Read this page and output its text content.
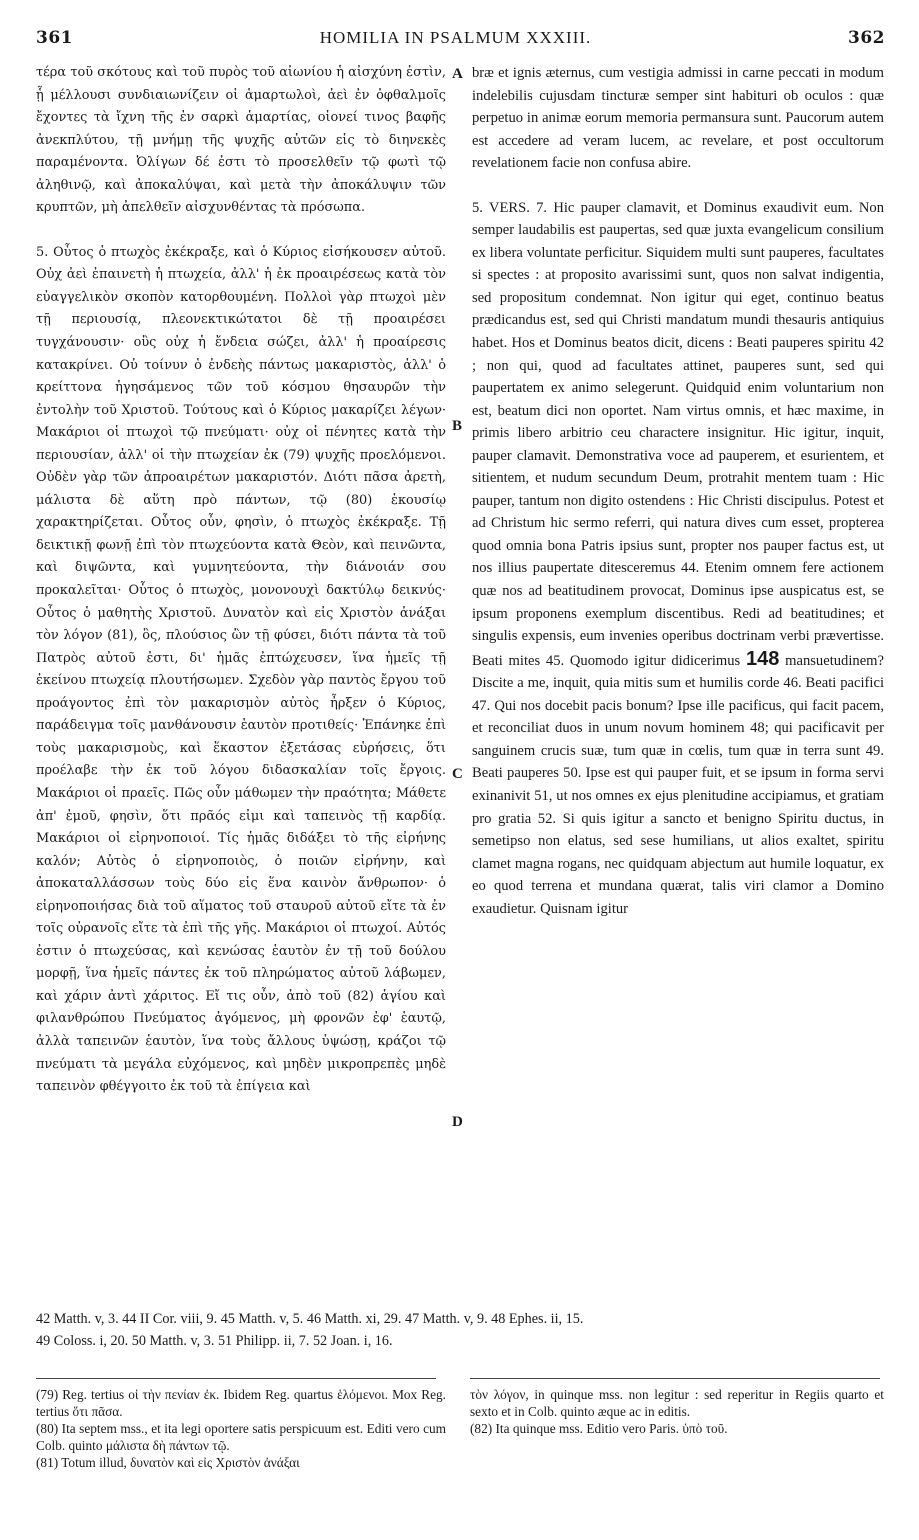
361	HOMILIA IN PSALMUM XXXIII.	362

τέρα τοῦ σκότους καὶ τοῦ πυρὸς τοῦ αἰωνίου ἡ αἰσχύνη ἐστὶν, ᾗ μέλλουσι συνδιαιωνίζειν οἱ ἁμαρτωλοὶ, ἀεὶ ἐν ὀφθαλμοῖς ἔχοντες τὰ ἴχνη τῆς ἐν σαρκὶ ἁμαρτίας, οἱονεί τινος βαφῆς ἀνεκπλύτου, τῇ μνήμῃ τῆς ψυχῆς αὐτῶν εἰς τὸ διηνεκὲς παραμένοντα. Ὀλίγων δέ ἐστι τὸ προσελθεῖν τῷ φωτὶ τῷ ἀληθινῷ, καὶ ἀποκαλύψαι, καὶ μετὰ τὴν ἀποκάλυψιν τῶν κρυπτῶν, μὴ ἀπελθεῖν αἰσχυνθέντας τὰ πρόσωπα.

5. Οὗτος ὁ πτωχὸς ἐκέκραξε, καὶ ὁ Κύριος εἰσήκουσεν αὐτοῦ. Οὐχ ἀεὶ ἐπαινετὴ ἡ πτωχεία, ἀλλ' ἡ ἐκ προαιρέσεως κατὰ τὸν εὐαγγελικὸν σκοπὸν κατορθουμένη. Πολλοὶ γὰρ πτωχοὶ μὲν τῇ περιουσίᾳ, πλεονεκτικώτατοι δὲ τῇ προαιρέσει τυγχάνουσιν· οὓς οὐχ ἡ ἔνδεια σώζει, ἀλλ' ἡ προαίρεσις κατακρίνει. Οὐ τοίνυν ὁ ἐνδεὴς πάντως μακαριστὸς, ἀλλ' ὁ κρείττονα ἡγησάμενος τῶν τοῦ κόσμου θησαυρῶν τὴν ἐντολὴν τοῦ Χριστοῦ. Τούτους καὶ ὁ Κύριος μακαρίζει λέγων· Μακάριοι οἱ πτωχοὶ τῷ πνεύματι· οὐχ οἱ πένητες κατὰ τὴν περιουσίαν, ἀλλ' οἱ τὴν πτωχείαν ἐκ (79) ψυχῆς προελόμενοι. Οὐδὲν γὰρ τῶν ἀπροαιρέτων μακαριστόν. Διότι πᾶσα ἀρετὴ, μάλιστα δὲ αὕτη πρὸ πάντων, τῷ (80) ἑκουσίῳ χαρακτηρίζεται. Οὗτος οὖν, φησὶν, ὁ πτωχὸς ἐκέκραξε. Τῇ δεικτικῇ φωνῇ ἐπὶ τὸν πτωχεύοντα κατὰ Θεὸν, καὶ πεινῶντα, καὶ διψῶντα, καὶ γυμνητεύοντα, τὴν διάνοιάν σου προκαλεῖται· Οὗτος ὁ πτωχὸς, μονονουχὶ δακτύλῳ δεικνύς· Οὗτος ὁ μαθητὴς Χριστοῦ. Δυνατὸν καὶ εἰς Χριστὸν ἀνάξαι τὸν λόγον (81), ὃς, πλούσιος ὢν τῇ φύσει, διότι πάντα τὰ τοῦ Πατρὸς αὐτοῦ ἐστι, δι' ἡμᾶς ἐπτώχευσεν, ἵνα ἡμεῖς τῇ ἐκείνου πτωχείᾳ πλουτήσωμεν. Σχεδὸν γὰρ παντὸς ἔργου τοῦ προάγοντος ἐπὶ τὸν μακαρισμὸν αὐτὸς ἦρξεν ὁ Κύριος, παράδειγμα τοῖς μανθάνουσιν ἑαυτὸν προτιθείς· Ἐπάνηκε ἐπὶ τοὺς μακαρισμοὺς, καὶ ἕκαστον ἐξετάσας εὑρήσεις, ὅτι προέλαβε τὴν ἐκ τοῦ λόγου διδασκαλίαν τοῖς ἔργοις. Μακάριοι οἱ πραεῖς. Πῶς οὖν μάθωμεν τὴν πραότητα; Μάθετε ἀπ' ἐμοῦ, φησὶν, ὅτι πρᾶός εἰμι καὶ ταπεινὸς τῇ καρδίᾳ. Μακάριοι οἱ εἰρηνοποιοί. Τίς ἡμᾶς διδάξει τὸ τῆς εἰρήνης καλόν; Αὐτὸς ὁ εἰρηνοποιὸς, ὁ ποιῶν εἰρήνην, καὶ ἀποκαταλλάσσων τοὺς δύο εἰς ἕνα καινὸν ἄνθρωπον· ὁ εἰρηνοποιήσας διὰ τοῦ αἵματος τοῦ σταυροῦ αὐτοῦ εἴτε τὰ ἐν τοῖς οὐρανοῖς εἴτε τὰ ἐπὶ τῆς γῆς. Μακάριοι οἱ πτωχοί. Αὐτός ἐστιν ὁ πτωχεύσας, καὶ κενώσας ἑαυτὸν ἐν τῇ τοῦ δούλου μορφῇ, ἵνα ἡμεῖς πάντες ἐκ τοῦ πληρώματος αὐτοῦ λάβωμεν, καὶ χάριν ἀντὶ χάριτος. Εἴ τις οὖν, ἀπὸ τοῦ (82) ἁγίου καὶ φιλανθρώπου Πνεύματος ἀγόμενος, μὴ φρονῶν ἐφ' ἑαυτῷ, ἀλλὰ ταπεινῶν ἑαυτὸν, ἵνα τοὺς ἄλλους ὑψώσῃ, κράζοι τῷ πνεύματι τὰ μεγάλα εὐχόμενος, καὶ μηδὲν μικροπρεπὲς μηδὲ ταπεινὸν φθέγγοιτο ἐκ τοῦ τὰ ἐπίγεια καὶ

A
B
C
D

bræ et ignis æternus, cum vestigia admissi in carne peccati in modum indelebilis cujusdam tincturæ semper sint habituri ob oculos : quæ perpetuo in animæ eorum memoria permansura sunt. Paucorum autem est accedere ad veram lucem, ac revelare, et post occultorum revelationem facie non confusa abire.

5. VERS. 7. Hic pauper clamavit, et Dominus exaudivit eum. Non semper laudabilis est paupertas, sed quæ juxta evangelicum consilium ex libera voluntate perficitur. Siquidem multi sunt pauperes, facultates si spectes : at proposito avarissimi sunt, quos non salvat indigentia, sed propositum condemnat. Non igitur qui eget, continuo beatus prædicandus est, sed qui Christi mandatum mundi thesauris antiquius habet. Hos et Dominus beatos dicit, dicens : Beati pauperes spiritu 42 ; non qui, quod ad facultates attinet, pauperes sunt, sed qui paupertatem ex animo selegerunt. Quidquid enim voluntarium non est, beatum dici non oportet. Nam virtus omnis, et hæc maxime, in primis libero arbitrio ceu charactere insignitur. Hic igitur, inquit, pauper clamavit. Demonstrativa voce ad pauperem, et esurientem, et sitientem, et nudum secundum Deum, protrahit mentem tuam : Hic pauper, tantum non digito ostendens : Hic Christi discipulus. Potest et ad Christum hic sermo referri, qui natura dives cum esset, propterea quod omnia bona Patris ipsius sunt, propter nos pauper factus est, ut nos illius paupertate ditesceremus 44. Etenim omnem fere actionem quæ nos ad beatitudinem provocat, Dominus ipse auspicatus est, se ipsum proponens exemplum discentibus. Redi ad beatitudines; et singulis expensis, eum invenies operibus doctrinam verbi prævertisse. Beati mites 45. Quomodo igitur didicerimus 148 mansuetudinem? Discite a me, inquit, quia mitis sum et humilis corde 46. Beati pacifici 47. Qui nos docebit pacis bonum? Ipse ille pacificus, qui facit pacem, et reconciliat duos in unum novum hominem 48; qui pacificavit per sanguinem crucis suæ, tum quæ in cœlis, tum quæ in terra sunt 49. Beati pauperes 50. Ipse est qui pauper fuit, et se ipsum in forma servi exinanivit 51, ut nos omnes ex ejus plenitudine accipiamus, et gratiam pro gratia 52. Si quis igitur a sancto et benigno Spiritu ductus, in semetipso non elatus, sed sese humilians, ut alios exaltet, spiritu clamet magna rogans, nec quidquam abjectum aut humile loquatur, ex eo quod terrena et mundana quærat, talis viri clamor a Domino exaudietur. Quisnam igitur

42 Matth. v, 3. 44 II Cor. viii, 9. 45 Matth. v, 5. 46 Matth. xi, 29. 47 Matth. v, 9. 48 Ephes. ii, 15.
49 Coloss. i, 20. 50 Matth. v, 3. 51 Philipp. ii, 7. 52 Joan. i, 16.

(79) Reg. tertius οἱ τὴν πενίαν ἐκ. Ibidem Reg. quartus ἑλόμενοι. Mox Reg. tertius ὅτι πᾶσα.

(80) Ita septem mss., et ita legi oportere satis perspicuum est. Editi vero cum Colb. quinto μάλιστα δὴ πάντων τῷ.

(81) Totum illud, δυνατὸν καὶ εἰς Χριστὸν ἀνάξαι

τὸν λόγον, in quinque mss. non legitur : sed reperitur in Regiis quarto et sexto et in Colb. quinto æque ac in editis.

(82) Ita quinque mss. Editio vero Paris. ὑπὸ τοῦ.
